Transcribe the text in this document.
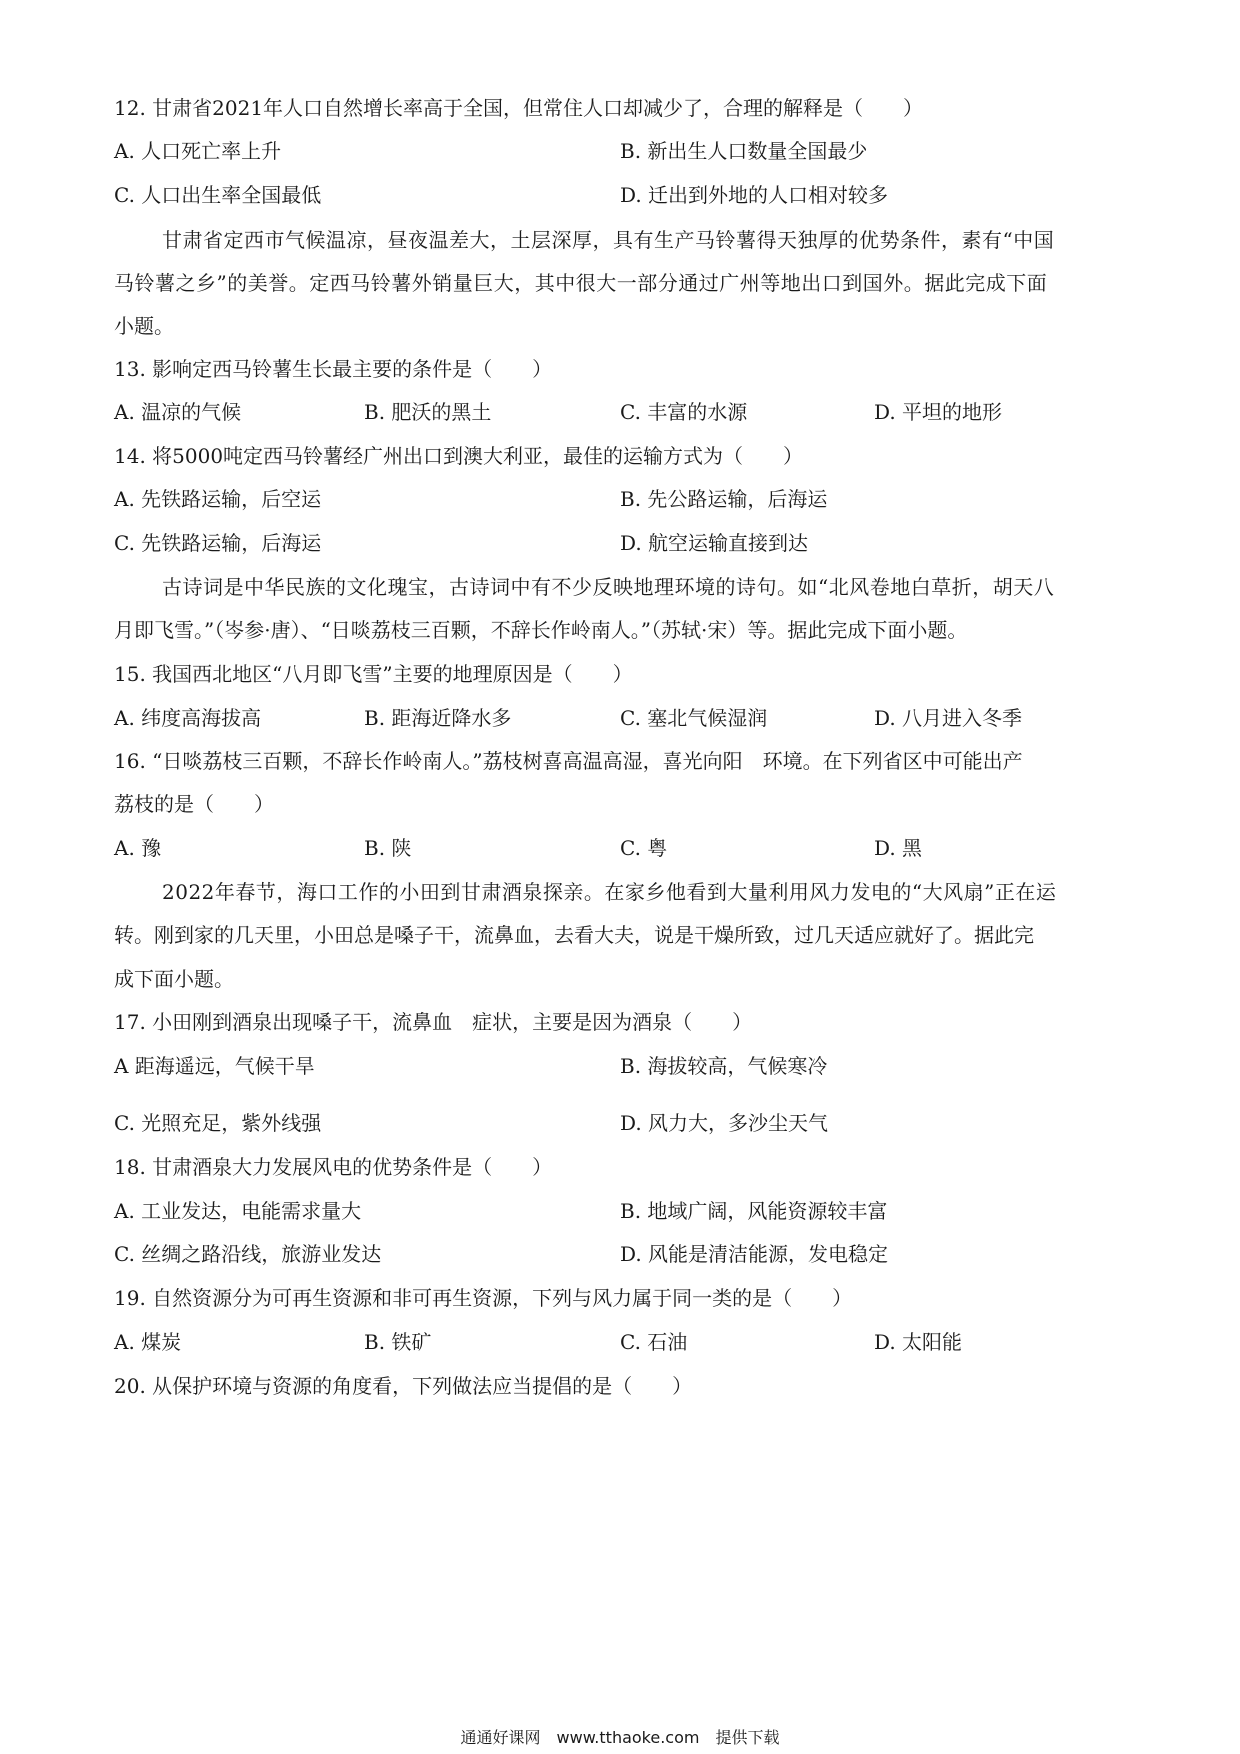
12. 甘肃省2021年人口自然增长率高于全国，但常住人口却减少了，合理的解释是（　　）
A. 人口死亡率上升	B. 新出生人口数量全国最少
C. 人口出生率全国最低	D. 迁出到外地的人口相对较多
甘肃省定西市气候温凉，昼夜温差大，土层深厚，具有生产马铃薯得天独厚的优势条件，素有“中国
马铃薯之乡”的美誉。定西马铃薯外销量巨大，其中很大一部分通过广州等地出口到国外。据此完成下面
小题。
13. 影响定西马铃薯生长最主要的条件是（　　）
A. 温凉的气候	B. 肥沃的黑土	C. 丰富的水源	D. 平坦的地形
14. 将5000吨定西马铃薯经广州出口到澳大利亚，最佳的运输方式为（　　）
A. 先铁路运输，后空运	B. 先公路运输，后海运
C. 先铁路运输，后海运	D. 航空运输直接到达
古诗词是中华民族的文化瑰宝，古诗词中有不少反映地理环境的诗句。如“北风卷地白草折，胡天八
月即飞雪。”（岑参·唐）、“日啖荔枝三百颗，不辞长作岭南人。”（苏轼·宋）等。据此完成下面小题。
15. 我国西北地区“八月即飞雪”主要的地理原因是（　　）
A. 纬度高海拔高	B. 距海近降水多	C. 塞北气候湿润	D. 八月进入冬季
16. “日啖荔枝三百颗，不辞长作岭南人。”荔枝树喜高温高湿，喜光向阳　环境。在下列省区中可能出产
荔枝的是（　　）
A. 豫	B. 陕	C. 粤	D. 黑
2022年春节，海口工作的小田到甘肃酒泉探亲。在家乡他看到大量利用风力发电的“大风扇”正在运
转。刚到家的几天里，小田总是嗓子干，流鼻血，去看大夫，说是干燥所致，过几天适应就好了。据此完
成下面小题。
17. 小田刚到酒泉出现嗓子干，流鼻血　症状，主要是因为酒泉（　　）
A 距海遥远，气候干旱	B. 海拔较高，气候寒冷
C. 光照充足，紫外线强	D. 风力大，多沙尘天气
18. 甘肃酒泉大力发展风电的优势条件是（　　）
A. 工业发达，电能需求量大	B. 地域广阔，风能资源较丰富
C. 丝绸之路沿线，旅游业发达	D. 风能是清洁能源，发电稳定
19. 自然资源分为可再生资源和非可再生资源，下列与风力属于同一类的是（　　）
A. 煤炭	B. 铁矿	C. 石油	D. 太阳能
20. 从保护环境与资源的角度看，下列做法应当提倡的是（　　）
通通好课网　www.tthaoke.com　提供下载
